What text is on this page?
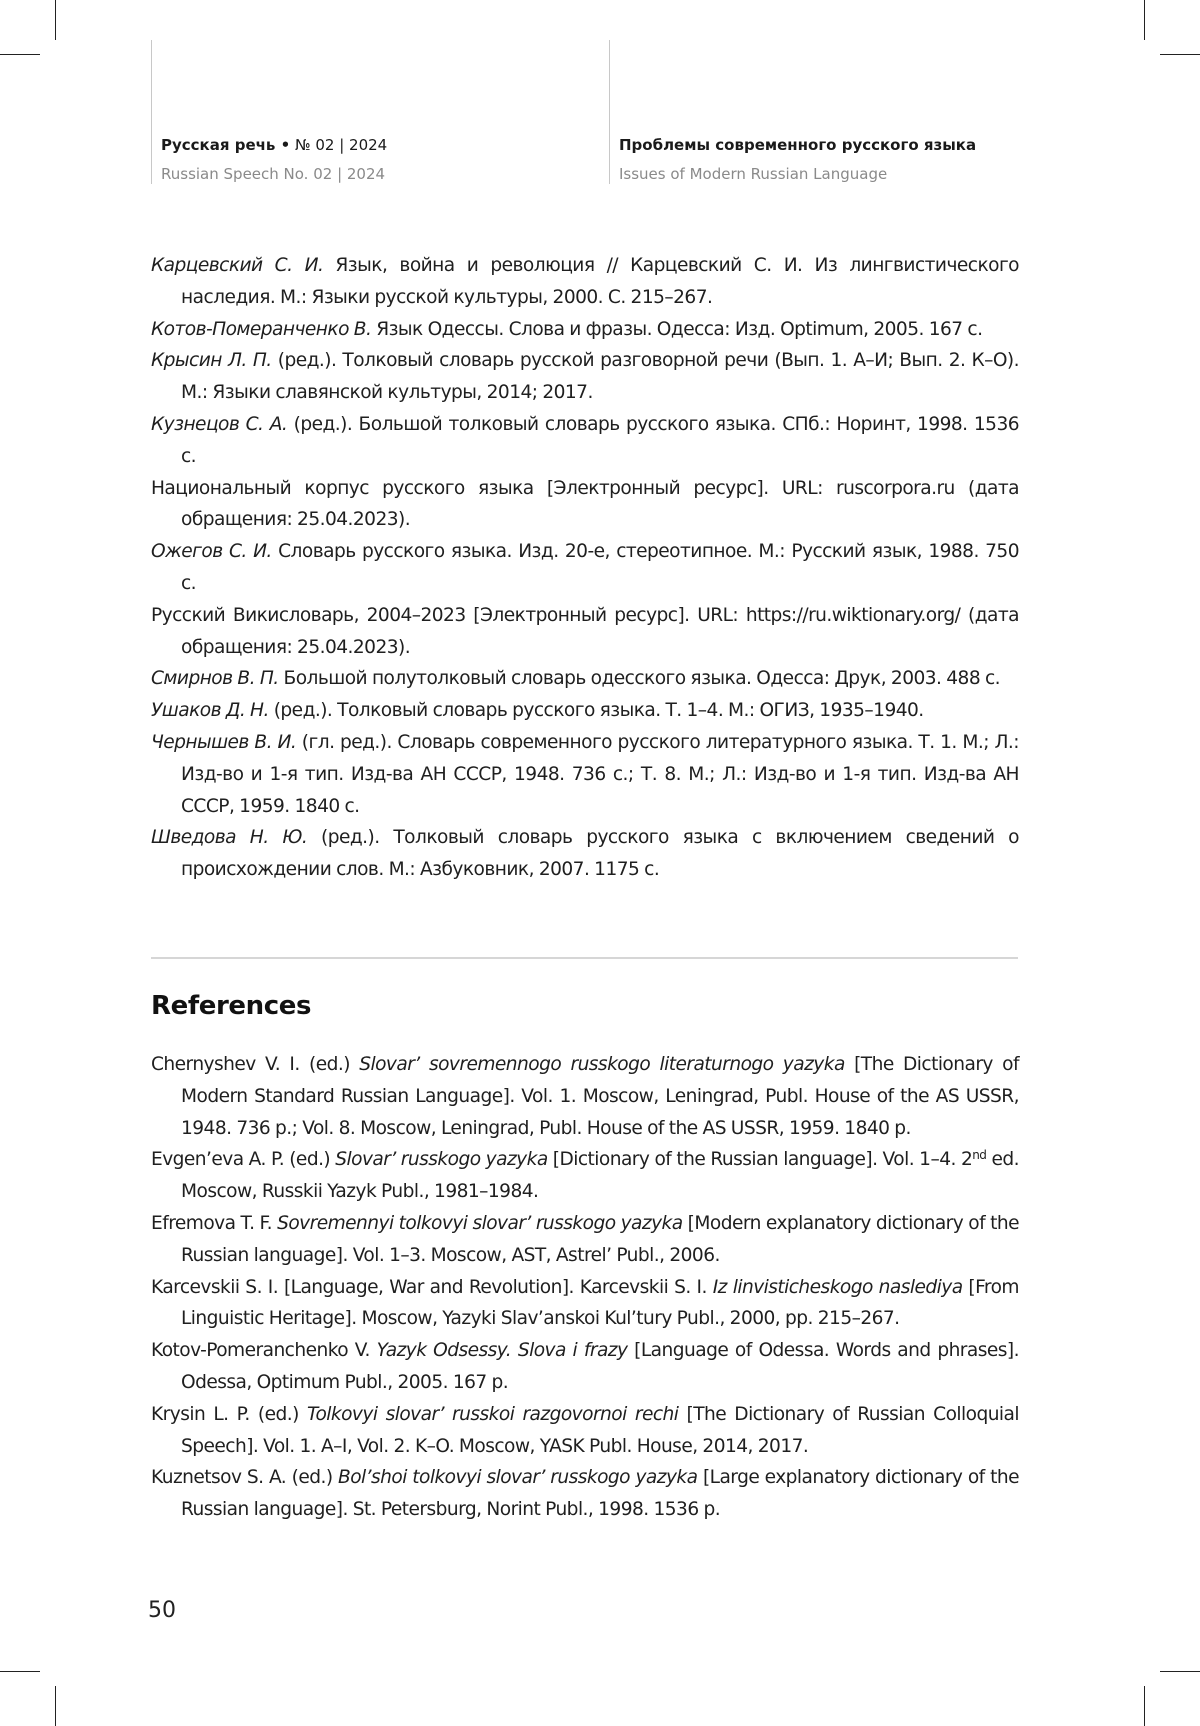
Русская речь • № 02 | 2024
Russian Speech No. 02 | 2024
Проблемы современного русского языка
Issues of Modern Russian Language

Карцевский С. И. Язык, война и революция // Карцевский С. И. Из лингвистического наследия. М.: Языки русской культуры, 2000. С. 215–267.

Котов-Померанченко В. Язык Одессы. Слова и фразы. Одесса: Изд. Optimum, 2005. 167 с.

Крысин Л. П. (ред.). Толковый словарь русской разговорной речи (Вып. 1. А–И; Вып. 2. К–О). М.: Языки славянской культуры, 2014; 2017.

Кузнецов С. А. (ред.). Большой толковый словарь русского языка. СПб.: Норинт, 1998. 1536 с.

Национальный корпус русского языка [Электронный ресурс]. URL: ruscorpora.ru (дата обращения: 25.04.2023).

Ожегов С. И. Словарь русского языка. Изд. 20-е, стереотипное. М.: Русский язык, 1988. 750 с.

Русский Викисловарь, 2004–2023 [Электронный ресурс]. URL: https://ru.wiktionary.org/ (дата обращения: 25.04.2023).

Смирнов В. П. Большой полутолковый словарь одесского языка. Одесса: Друк, 2003. 488 с.

Ушаков Д. Н. (ред.). Толковый словарь русского языка. Т. 1–4. М.: ОГИЗ, 1935–1940.

Чернышев В. И. (гл. ред.). Словарь современного русского литературного языка. Т. 1. М.; Л.: Изд-во и 1-я тип. Изд-ва АН СССР, 1948. 736 с.; Т. 8. М.; Л.: Изд-во и 1-я тип. Изд-ва АН СССР, 1959. 1840 с.

Шведова Н. Ю. (ред.). Толковый словарь русского языка с включением сведений о происхождении слов. М.: Азбуковник, 2007. 1175 с.

References

Chernyshev V. I. (ed.) Slovar’ sovremennogo russkogo literaturnogo yazyka [The Dictionary of Modern Standard Russian Language]. Vol. 1. Moscow, Leningrad, Publ. House of the AS USSR, 1948. 736 p.; Vol. 8. Moscow, Leningrad, Publ. House of the AS USSR, 1959. 1840 p.

Evgen’eva A. P. (ed.) Slovar’ russkogo yazyka [Dictionary of the Russian language]. Vol. 1–4. 2nd ed. Moscow, Russkii Yazyk Publ., 1981–1984.

Efremova T. F. Sovremennyi tolkovyi slovar’ russkogo yazyka [Modern explanatory dictionary of the Russian language]. Vol. 1–3. Moscow, AST, Astrel’ Publ., 2006.

Karcevskii S. I. [Language, War and Revolution]. Karcevskii S. I. Iz linvisticheskogo naslediya [From Linguistic Heritage]. Moscow, Yazyki Slav’anskoi Kul’tury Publ., 2000, pp. 215–267.

Kotov-Pomeranchenko V. Yazyk Odsessy. Slova i frazy [Language of Odessa. Words and phrases]. Odessa, Optimum Publ., 2005. 167 p.

Krysin L. P. (ed.) Tolkovyi slovar’ russkoi razgovornoi rechi [The Dictionary of Russian Colloquial Speech]. Vol. 1. A–I, Vol. 2. K–O. Moscow, YASK Publ. House, 2014, 2017.

Kuznetsov S. A. (ed.) Bol’shoi tolkovyi slovar’ russkogo yazyka [Large explanatory dictionary of the Russian language]. St. Petersburg, Norint Publ., 1998. 1536 p.

50
